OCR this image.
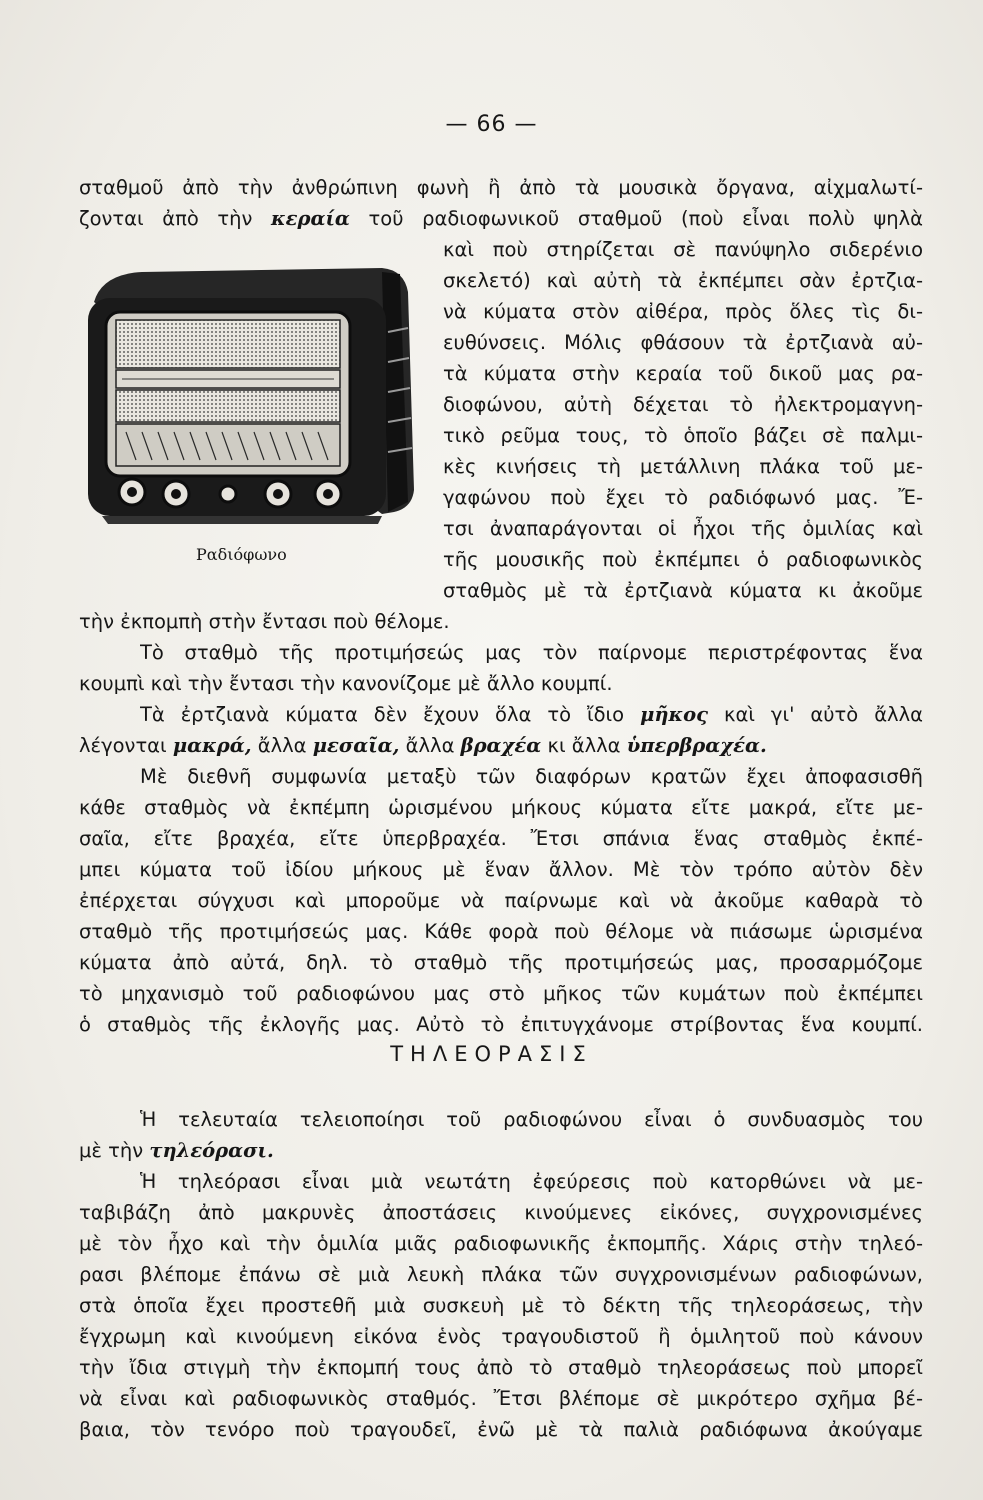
— 66 —
σταθμοῦ ἀπὸ τὴν ἀνθρώπινη φωνὴ ἢ ἀπὸ τὰ μουσικὰ ὄργανα, αἰχμαλωτί-
ζονται ἀπὸ τὴν κεραία τοῦ ραδιοφωνικοῦ σταθμοῦ (ποὺ εἶναι πολὺ ψηλὰ
καὶ ποὺ στηρίζεται σὲ πανύψηλο σιδερένιο
σκελετό) καὶ αὐτὴ τὰ ἐκπέμπει σὰν ἐρτζια-
νὰ κύματα στὸν αἰθέρα, πρὸς ὅλες τὶς δι-
ευθύνσεις. Μόλις φθάσουν τὰ ἐρτζιανὰ αὐ-
τὰ κύματα στὴν κεραία τοῦ δικοῦ μας ρα-
διοφώνου, αὐτὴ δέχεται τὸ ἠλεκτρομαγνη-
τικὸ ρεῦμα τους, τὸ ὁποῖο βάζει σὲ παλμι-
κὲς κινήσεις τὴ μετάλλινη πλάκα τοῦ με-
γαφώνου ποὺ ἔχει τὸ ραδιόφωνό μας. Ἔ-
τσι ἀναπαράγονται οἱ ἦχοι τῆς ὁμιλίας καὶ
τῆς μουσικῆς ποὺ ἐκπέμπει ὁ ραδιοφωνικὸς
σταθμὸς μὲ τὰ ἐρτζιανὰ κύματα κι ἀκοῦμε
τὴν ἐκπομπὴ στὴν ἔντασι ποὺ θέλομε.
Τὸ σταθμὸ τῆς προτιμήσεώς μας τὸν παίρνομε περιστρέφοντας ἕνα
κουμπὶ καὶ τὴν ἔντασι τὴν κανονίζομε μὲ ἄλλο κουμπί.
Τὰ ἐρτζιανὰ κύματα δὲν ἔχουν ὅλα τὸ ἴδιο μῆκος καὶ γι' αὐτὸ ἄλλα
λέγονται μακρά, ἄλλα μεσαῖα, ἄλλα βραχέα κι ἄλλα ὑπερβραχέα.
Μὲ διεθνῆ συμφωνία μεταξὺ τῶν διαφόρων κρατῶν ἔχει ἀποφασισθῆ
κάθε σταθμὸς νὰ ἐκπέμπη ὡρισμένου μήκους κύματα εἴτε μακρά, εἴτε με-
σαῖα, εἴτε βραχέα, εἴτε ὑπερβραχέα. Ἔτσι σπάνια ἕνας σταθμὸς ἐκπέ-
μπει κύματα τοῦ ἰδίου μήκους μὲ ἕναν ἄλλον. Μὲ τὸν τρόπο αὐτὸν δὲν
ἐπέρχεται σύγχυσι καὶ μποροῦμε νὰ παίρνωμε καὶ νὰ ἀκοῦμε καθαρὰ τὸ
σταθμὸ τῆς προτιμήσεώς μας. Κάθε φορὰ ποὺ θέλομε νὰ πιάσωμε ὡρισμένα
κύματα ἀπὸ αὐτά, δηλ. τὸ σταθμὸ τῆς προτιμήσεώς μας, προσαρμόζομε
τὸ μηχανισμὸ τοῦ ραδιοφώνου μας στὸ μῆκος τῶν κυμάτων ποὺ ἐκπέμπει
ὁ σταθμὸς τῆς ἐκλογῆς μας. Αὐτὸ τὸ ἐπιτυγχάνομε στρίβοντας ἕνα κουμπί.
ΤΗΛΕΟΡΑΣΙΣ
Ἡ τελευταία τελειοποίησι τοῦ ραδιοφώνου εἶναι ὁ συνδυασμὸς του
μὲ τὴν τηλεόρασι.
Ἡ τηλεόρασι εἶναι μιὰ νεωτάτη ἐφεύρεσις ποὺ κατορθώνει νὰ με-
ταβιβάζη ἀπὸ μακρυνὲς ἀποστάσεις κινούμενες εἰκόνες, συγχρονισμένες
μὲ τὸν ἦχο καὶ τὴν ὁμιλία μιᾶς ραδιοφωνικῆς ἐκπομπῆς. Χάρις στὴν τηλεό-
ρασι βλέπομε ἐπάνω σὲ μιὰ λευκὴ πλάκα τῶν συγχρονισμένων ραδιοφώνων,
στὰ ὁποῖα ἔχει προστεθῆ μιὰ συσκευὴ μὲ τὸ δέκτη τῆς τηλεοράσεως, τὴν
ἔγχρωμη καὶ κινούμενη εἰκόνα ἑνὸς τραγουδιστοῦ ἢ ὁμιλητοῦ ποὺ κάνουν
τὴν ἴδια στιγμὴ τὴν ἐκπομπή τους ἀπὸ τὸ σταθμὸ τηλεοράσεως ποὺ μπορεῖ
νὰ εἶναι καὶ ραδιοφωνικὸς σταθμός. Ἔτσι βλέπομε σὲ μικρότερο σχῆμα βέ-
βαια, τὸν τενόρο ποὺ τραγουδεῖ, ἐνῶ μὲ τὰ παλιὰ ραδιόφωνα ἀκούγαμε
Ραδιόφωνο
